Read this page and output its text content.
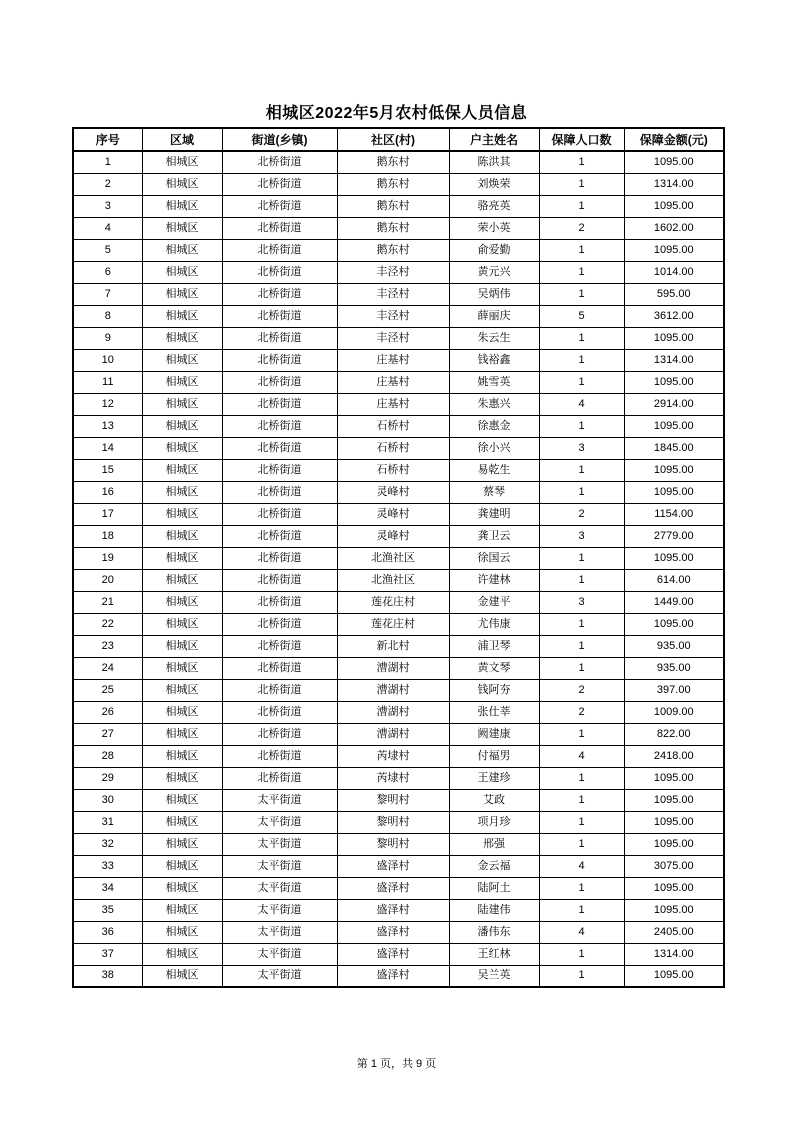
相城区2022年5月农村低保人员信息
序号	区域	街道(乡镇)	社区(村)	户主姓名	保障人口数	保障金额(元)
1	相城区	北桥街道	鹅东村	陈洪其	1	1095.00
2	相城区	北桥街道	鹅东村	刘焕荣	1	1314.00
3	相城区	北桥街道	鹅东村	骆亮英	1	1095.00
4	相城区	北桥街道	鹅东村	荣小英	2	1602.00
5	相城区	北桥街道	鹅东村	俞爱勤	1	1095.00
6	相城区	北桥街道	丰泾村	黄元兴	1	1014.00
7	相城区	北桥街道	丰泾村	吴炳伟	1	595.00
8	相城区	北桥街道	丰泾村	薛丽庆	5	3612.00
9	相城区	北桥街道	丰泾村	朱云生	1	1095.00
10	相城区	北桥街道	庄基村	钱裕鑫	1	1314.00
11	相城区	北桥街道	庄基村	姚雪英	1	1095.00
12	相城区	北桥街道	庄基村	朱惠兴	4	2914.00
13	相城区	北桥街道	石桥村	徐惠金	1	1095.00
14	相城区	北桥街道	石桥村	徐小兴	3	1845.00
15	相城区	北桥街道	石桥村	易乾生	1	1095.00
16	相城区	北桥街道	灵峰村	蔡琴	1	1095.00
17	相城区	北桥街道	灵峰村	龚建明	2	1154.00
18	相城区	北桥街道	灵峰村	龚卫云	3	2779.00
19	相城区	北桥街道	北渔社区	徐国云	1	1095.00
20	相城区	北桥街道	北渔社区	许建林	1	614.00
21	相城区	北桥街道	莲花庄村	金建平	3	1449.00
22	相城区	北桥街道	莲花庄村	尤伟康	1	1095.00
23	相城区	北桥街道	新北村	浦卫琴	1	935.00
24	相城区	北桥街道	漕湖村	黄文琴	1	935.00
25	相城区	北桥街道	漕湖村	钱阿夯	2	397.00
26	相城区	北桥街道	漕湖村	张仕莘	2	1009.00
27	相城区	北桥街道	漕湖村	阙建康	1	822.00
28	相城区	北桥街道	芮埭村	付福男	4	2418.00
29	相城区	北桥街道	芮埭村	王建珍	1	1095.00
30	相城区	太平街道	黎明村	艾政	1	1095.00
31	相城区	太平街道	黎明村	项月珍	1	1095.00
32	相城区	太平街道	黎明村	邢强	1	1095.00
33	相城区	太平街道	盛泽村	金云福	4	3075.00
34	相城区	太平街道	盛泽村	陆阿土	1	1095.00
35	相城区	太平街道	盛泽村	陆建伟	1	1095.00
36	相城区	太平街道	盛泽村	潘伟东	4	2405.00
37	相城区	太平街道	盛泽村	王红林	1	1314.00
38	相城区	太平街道	盛泽村	吴兰英	1	1095.00
第 1 页，共 9 页
